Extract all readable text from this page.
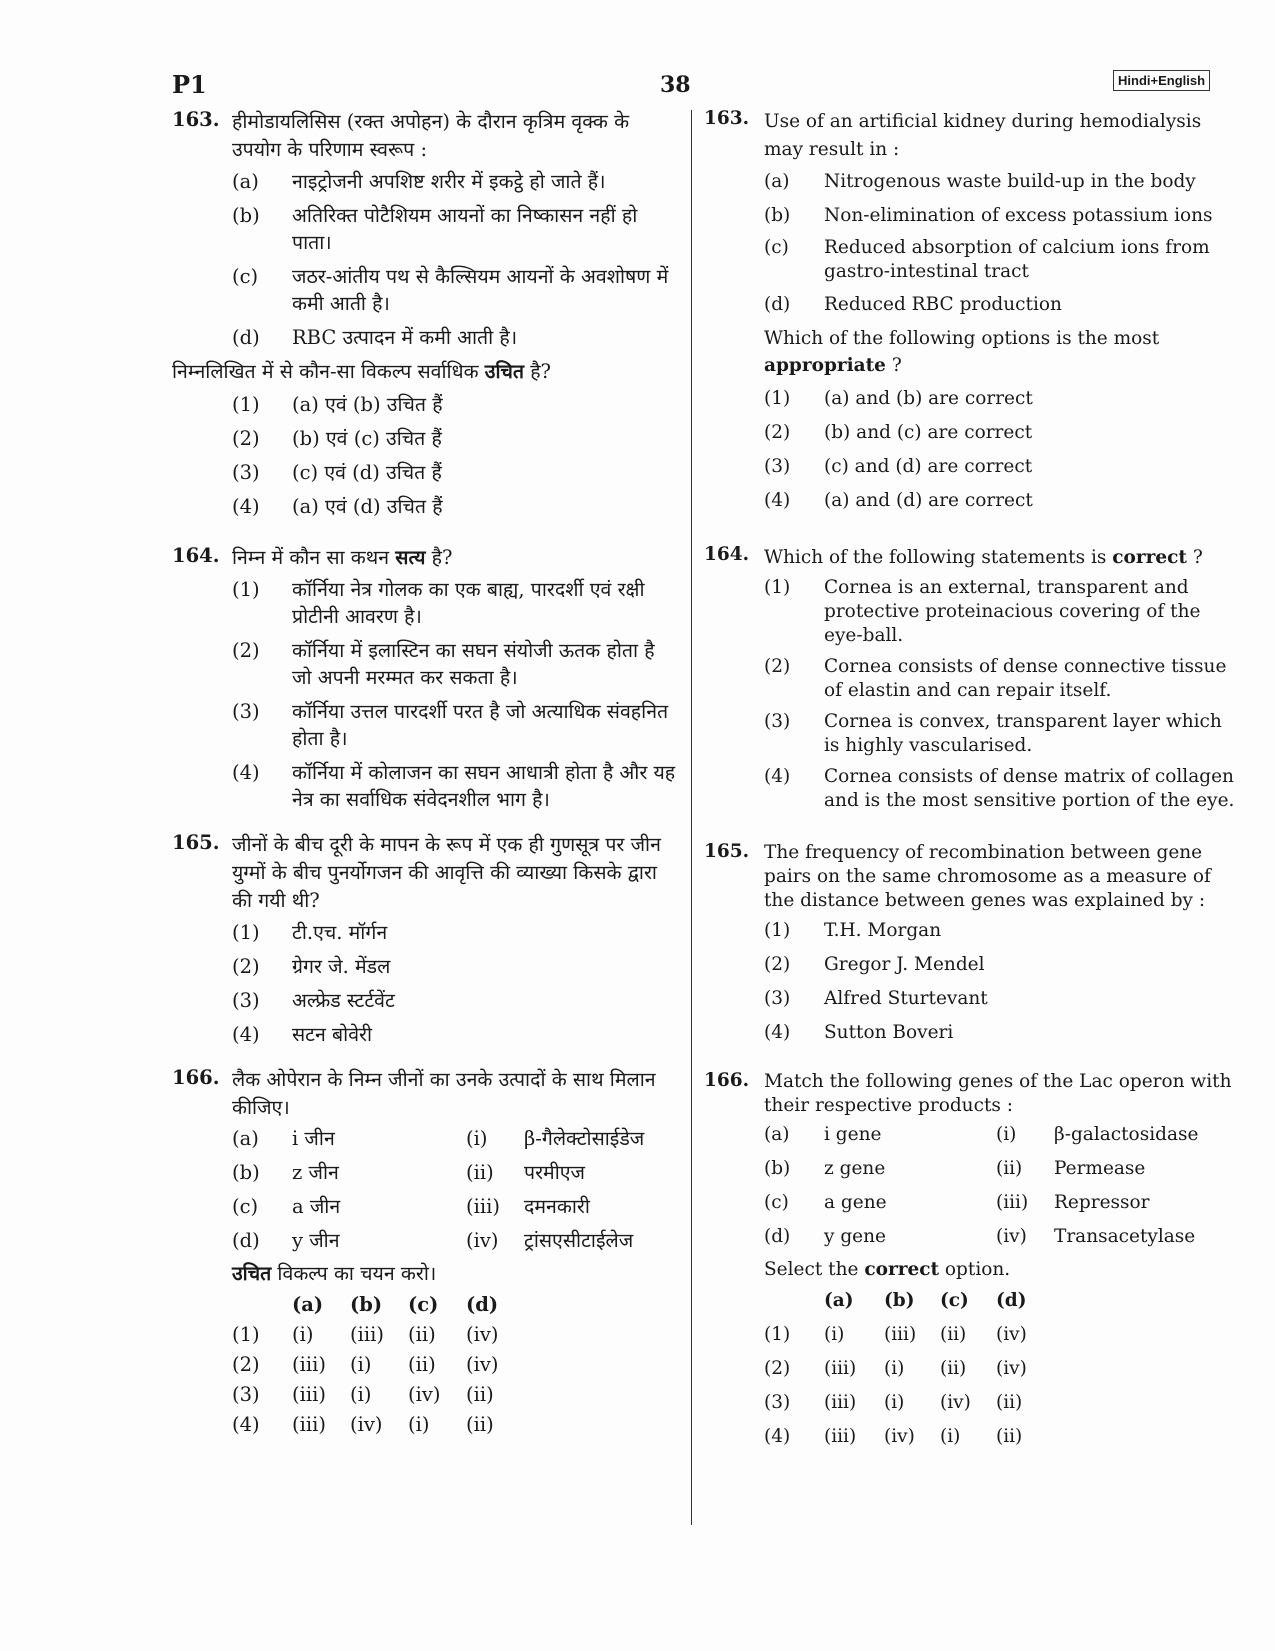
P1	38	Hindi+English
163. हीमोडायलिसिस (रक्त अपोहन) के दौरान कृत्रिम वृक्क के उपयोग के परिणाम स्वरूप :
(a) नाइट्रोजनी अपशिष्ट शरीर में इकट्ठे हो जाते हैं।
(b) अतिरिक्त पोटैशियम आयनों का निष्कासन नहीं हो पाता।
(c) जठर-आंतीय पथ से कैल्सियम आयनों के अवशोषण में कमी आती है।
(d) RBC उत्पादन में कमी आती है।
निम्नलिखित में से कौन-सा विकल्प सर्वाधिक उचित है?
(1) (a) एवं (b) उचित हैं
(2) (b) एवं (c) उचित हैं
(3) (c) एवं (d) उचित हैं
(4) (a) एवं (d) उचित हैं
164. निम्न में कौन सा कथन सत्य है?
(1) कॉर्निया नेत्र गोलक का एक बाह्य, पारदर्शी एवं रक्षी प्रोटीनी आवरण है।
(2) कॉर्निया में इलास्टिन का सघन संयोजी ऊतक होता है जो अपनी मरम्मत कर सकता है।
(3) कॉर्निया उत्तल पारदर्शी परत है जो अत्याधिक संवहनित होता है।
(4) कॉर्निया में कोलाजन का सघन आधात्री होता है और यह नेत्र का सर्वाधिक संवेदनशील भाग है।
165. जीनों के बीच दूरी के मापन के रूप में एक ही गुणसूत्र पर जीन युग्मों के बीच पुनर्योगजन की आवृत्ति की व्याख्या किसके द्वारा की गयी थी?
(1) टी.एच. मॉर्गन
(2) ग्रेगर जे. मेंडल
(3) अल्फ्रेड स्टर्टवेंट
(4) सटन बोवेरी
166. लैक ओपेरान के निम्न जीनों का उनके उत्पादों के साथ मिलान कीजिए।
(a)	i जीन	(i)	β-गैलेक्टोसाईडेज
(b)	z जीन	(ii)	परमीएज
(c)	a जीन	(iii)	दमनकारी
(d)	y जीन	(iv)	ट्रांसएसीटाईलेज
उचित विकल्प का चयन करो।
(a)	(b)	(c)	(d)
(1)	(i)	(iii)	(ii)	(iv)
(2)	(iii)	(i)	(ii)	(iv)
(3)	(iii)	(i)	(iv)	(ii)
(4)	(iii)	(iv)	(i)	(ii)
163. Use of an artificial kidney during hemodialysis may result in :
(a) Nitrogenous waste build-up in the body
(b) Non-elimination of excess potassium ions
(c) Reduced absorption of calcium ions from gastro-intestinal tract
(d) Reduced RBC production
Which of the following options is the most appropriate ?
(1) (a) and (b) are correct
(2) (b) and (c) are correct
(3) (c) and (d) are correct
(4) (a) and (d) are correct
164. Which of the following statements is correct ?
(1) Cornea is an external, transparent and protective proteinacious covering of the eye-ball.
(2) Cornea consists of dense connective tissue of elastin and can repair itself.
(3) Cornea is convex, transparent layer which is highly vascularised.
(4) Cornea consists of dense matrix of collagen and is the most sensitive portion of the eye.
165. The frequency of recombination between gene pairs on the same chromosome as a measure of the distance between genes was explained by :
(1) T.H. Morgan
(2) Gregor J. Mendel
(3) Alfred Sturtevant
(4) Sutton Boveri
166. Match the following genes of the Lac operon with their respective products :
(a)	i gene	(i)	β-galactosidase
(b)	z gene	(ii)	Permease
(c)	a gene	(iii)	Repressor
(d)	y gene	(iv)	Transacetylase
Select the correct option.
(a)	(b)	(c)	(d)
(1)	(i)	(iii)	(ii)	(iv)
(2)	(iii)	(i)	(ii)	(iv)
(3)	(iii)	(i)	(iv)	(ii)
(4)	(iii)	(iv)	(i)	(ii)
